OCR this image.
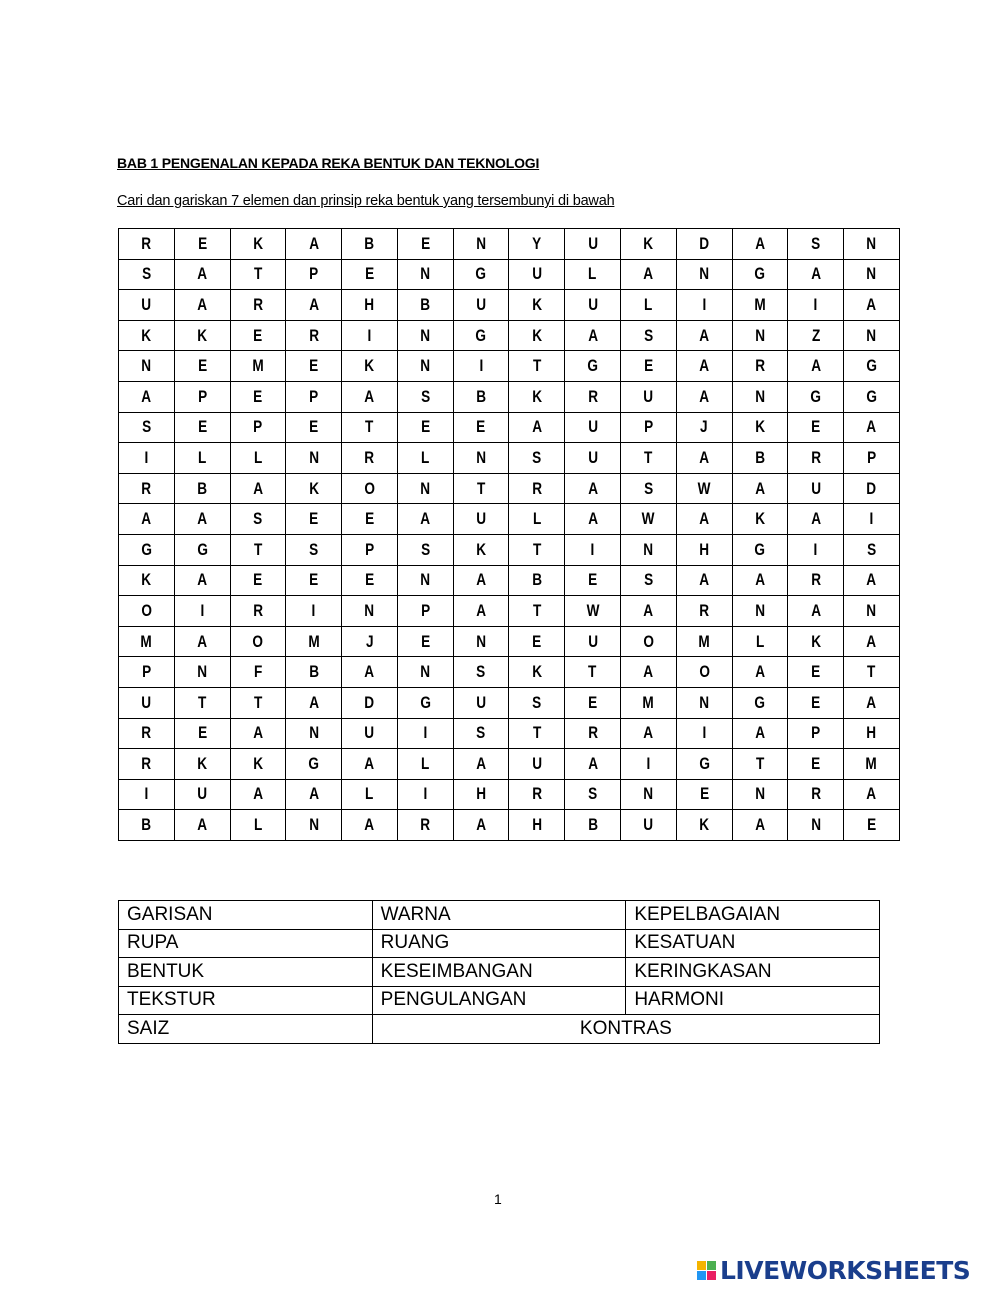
BAB 1 PENGENALAN KEPADA REKA BENTUK DAN TEKNOLOGI
Cari dan gariskan 7 elemen dan prinsip reka bentuk yang tersembunyi di bawah
R	E	K	A	B	E	N	Y	U	K	D	A	S	N
S	A	T	P	E	N	G	U	L	A	N	G	A	N
U	A	R	A	H	B	U	K	U	L	I	M	I	A
K	K	E	R	I	N	G	K	A	S	A	N	Z	N
N	E	M	E	K	N	I	T	G	E	A	R	A	G
A	P	E	P	A	S	B	K	R	U	A	N	G	G
S	E	P	E	T	E	E	A	U	P	J	K	E	A
I	L	L	N	R	L	N	S	U	T	A	B	R	P
R	B	A	K	O	N	T	R	A	S	W	A	U	D
A	A	S	E	E	A	U	L	A	W	A	K	A	I
G	G	T	S	P	S	K	T	I	N	H	G	I	S
K	A	E	E	E	N	A	B	E	S	A	A	R	A
O	I	R	I	N	P	A	T	W	A	R	N	A	N
M	A	O	M	J	E	N	E	U	O	M	L	K	A
P	N	F	B	A	N	S	K	T	A	O	A	E	T
U	T	T	A	D	G	U	S	E	M	N	G	E	A
R	E	A	N	U	I	S	T	R	A	I	A	P	H
R	K	K	G	A	L	A	U	A	I	G	T	E	M
I	U	A	A	L	I	H	R	S	N	E	N	R	A
B	A	L	N	A	R	A	H	B	U	K	A	N	E
GARISAN	WARNA	KEPELBAGAIAN
RUPA	RUANG	KESATUAN
BENTUK	KESEIMBANGAN	KERINGKASAN
TEKSTUR	PENGULANGAN	HARMONI
SAIZ	KONTRAS	
1
LIVEWORKSHEETS
